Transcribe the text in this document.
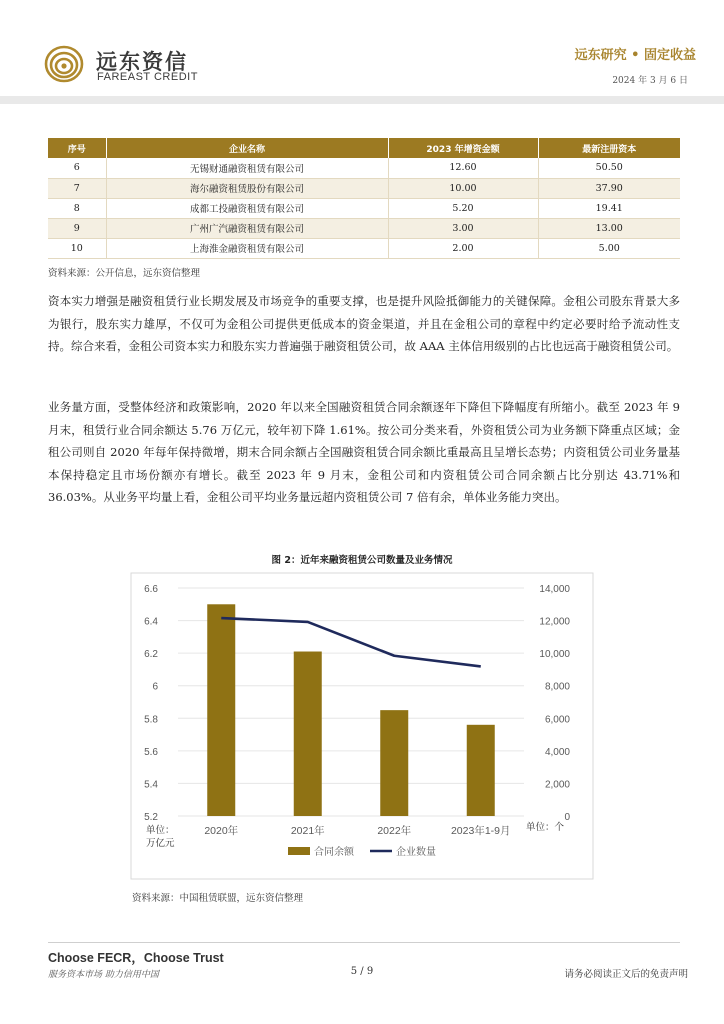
远东资信
FAREAST CREDIT
远东研究 • 固定收益
2024 年 3 月 6 日
序号	企业名称	2023 年增资金额	最新注册资本
6	无锡财通融资租赁有限公司	12.60	50.50
7	海尔融资租赁股份有限公司	10.00	37.90
8	成都工投融资租赁有限公司	5.20	19.41
9	广州广汽融资租赁有限公司	3.00	13.00
10	上海淮金融资租赁有限公司	2.00	5.00
资料来源：公开信息，远东资信整理

资本实力增强是融资租赁行业长期发展及市场竞争的重要支撑，也是提升风险抵御能力的关键保障。金租公司股东背景大多为银行，股东实力雄厚，不仅可为金租公司提供更低成本的资金渠道，并且在金租公司的章程中约定必要时给予流动性支持。综合来看，金租公司资本实力和股东实力普遍强于融资租赁公司，故 AAA 主体信用级别的占比也远高于融资租赁公司。

业务量方面，受整体经济和政策影响，2020 年以来全国融资租赁合同余额逐年下降但下降幅度有所缩小。截至 2023 年 9 月末，租赁行业合同余额达 5.76 万亿元，较年初下降 1.61%。按公司分类来看，外资租赁公司为业务额下降重点区域；金租公司则自 2020 年每年保持微增，期末合同余额占全国融资租赁合同余额比重最高且呈增长态势；内资租赁公司业务量基本保持稳定且市场份额亦有增长。截至 2023 年 9 月末，金租公司和内资租赁公司合同余额占比分别达 43.71%和 36.03%。从业务平均量上看，金租公司平均业务量远超内资租赁公司 7 倍有余，单体业务能力突出。

图 2：近年来融资租赁公司数量及业务情况
5.2
5.4
5.6
5.8
6
6.2
6.4
6.6
0
2,000
4,000
6,000
8,000
10,000
12,000
14,000
2020年	2021年	2022年	2023年1-9月
单位：
万亿元
单位：个
合同余额	企业数量
资料来源：中国租赁联盟，远东资信整理
Choose FECR，Choose Trust
服务资本市场 助力信用中国	5 / 9	请务必阅读正文后的免责声明
